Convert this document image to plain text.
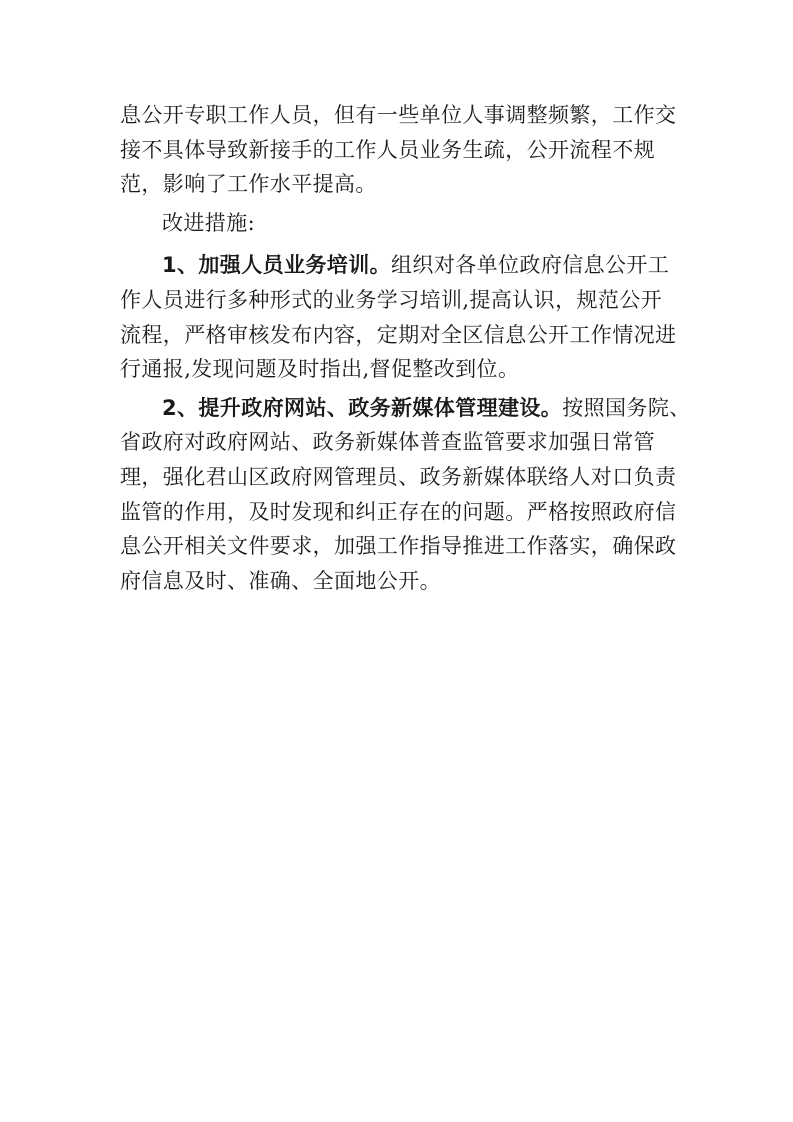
息公开专职工作人员，但有一些单位人事调整频繁，工作交
接不具体导致新接手的工作人员业务生疏，公开流程不规
范，影响了工作水平提高。

改进措施:

1、加强人员业务培训。组织对各单位政府信息公开工
作人员进行多种形式的业务学习培训,提高认识，规范公开
流程，严格审核发布内容，定期对全区信息公开工作情况进
行通报,发现问题及时指出,督促整改到位。

2、提升政府网站、政务新媒体管理建设。按照国务院、
省政府对政府网站、政务新媒体普查监管要求加强日常管
理，强化君山区政府网管理员、政务新媒体联络人对口负责
监管的作用，及时发现和纠正存在的问题。严格按照政府信
息公开相关文件要求，加强工作指导推进工作落实，确保政
府信息及时、准确、全面地公开。
